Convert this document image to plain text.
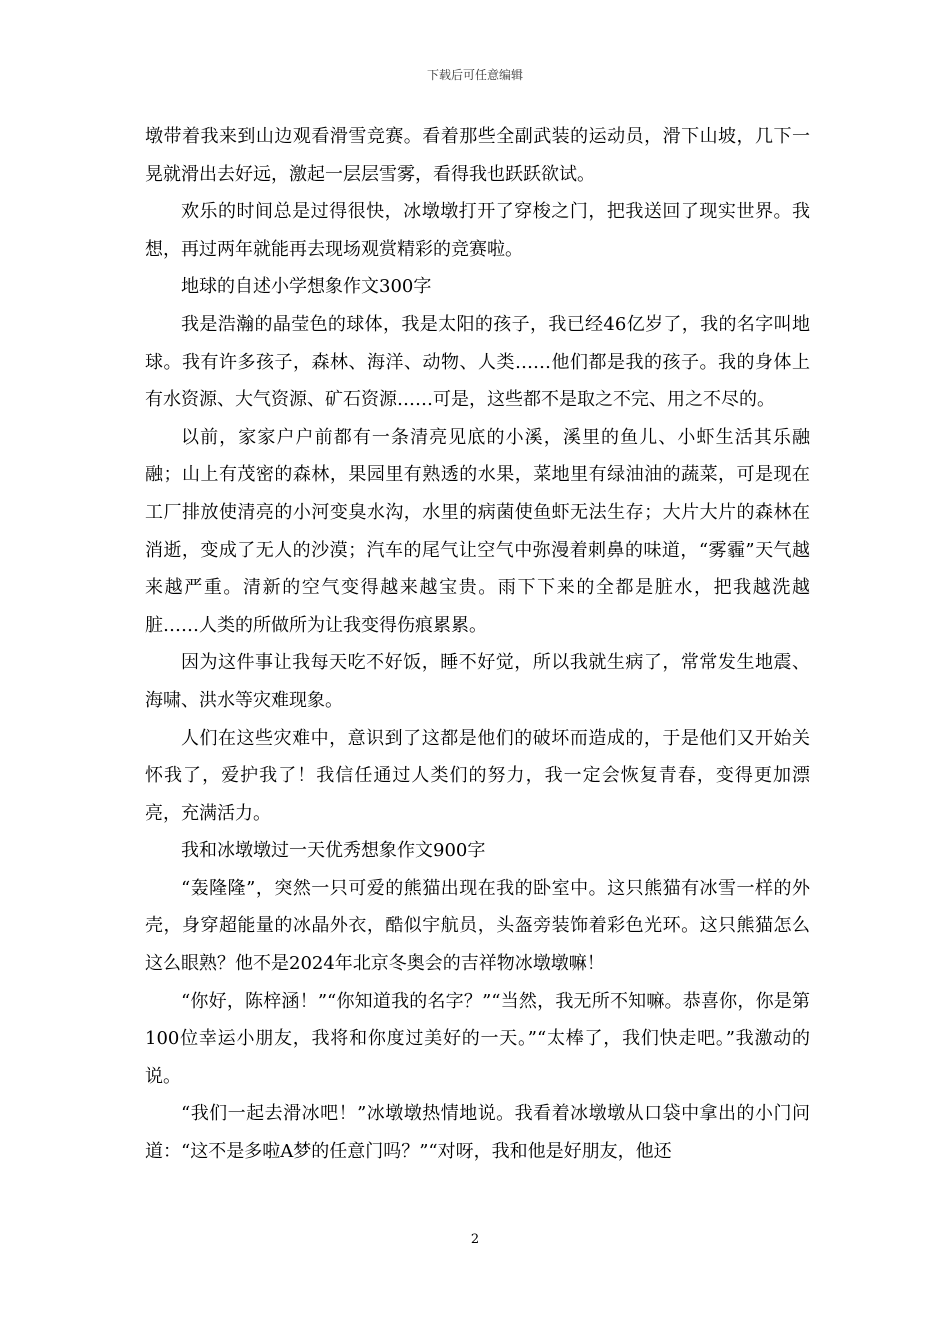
下载后可任意编辑

墩带着我来到山边观看滑雪竞赛。看着那些全副武装的运动员，滑下山坡，几下一晃就滑出去好远，激起一层层雪雾，看得我也跃跃欲试。

欢乐的时间总是过得很快，冰墩墩打开了穿梭之门，把我送回了现实世界。我想，再过两年就能再去现场观赏精彩的竞赛啦。

地球的自述小学想象作文300字

我是浩瀚的晶莹色的球体，我是太阳的孩子，我已经46亿岁了，我的名字叫地球。我有许多孩子，森林、海洋、动物、人类……他们都是我的孩子。我的身体上有水资源、大气资源、矿石资源……可是，这些都不是取之不完、用之不尽的。

以前，家家户户前都有一条清亮见底的小溪，溪里的鱼儿、小虾生活其乐融融；山上有茂密的森林，果园里有熟透的水果，菜地里有绿油油的蔬菜，可是现在工厂排放使清亮的小河变臭水沟，水里的病菌使鱼虾无法生存；大片大片的森林在消逝，变成了无人的沙漠；汽车的尾气让空气中弥漫着刺鼻的味道，“雾霾”天气越来越严重。清新的空气变得越来越宝贵。雨下下来的全都是脏水，把我越洗越脏……人类的所做所为让我变得伤痕累累。

因为这件事让我每天吃不好饭，睡不好觉，所以我就生病了，常常发生地震、海啸、洪水等灾难现象。

人们在这些灾难中，意识到了这都是他们的破坏而造成的，于是他们又开始关怀我了，爱护我了！我信任通过人类们的努力，我一定会恢复青春，变得更加漂亮，充满活力。

我和冰墩墩过一天优秀想象作文900字

“轰隆隆”，突然一只可爱的熊猫出现在我的卧室中。这只熊猫有冰雪一样的外壳，身穿超能量的冰晶外衣，酷似宇航员，头盔旁装饰着彩色光环。这只熊猫怎么这么眼熟？他不是2024年北京冬奥会的吉祥物冰墩墩嘛！

“你好，陈梓涵！”“你知道我的名字？”“当然，我无所不知嘛。恭喜你，你是第100位幸运小朋友，我将和你度过美好的一天。”“太棒了，我们快走吧。”我激动的说。

“我们一起去滑冰吧！”冰墩墩热情地说。我看着冰墩墩从口袋中拿出的小门问道：“这不是多啦A梦的任意门吗？”“对呀，我和他是好朋友，他还

2
